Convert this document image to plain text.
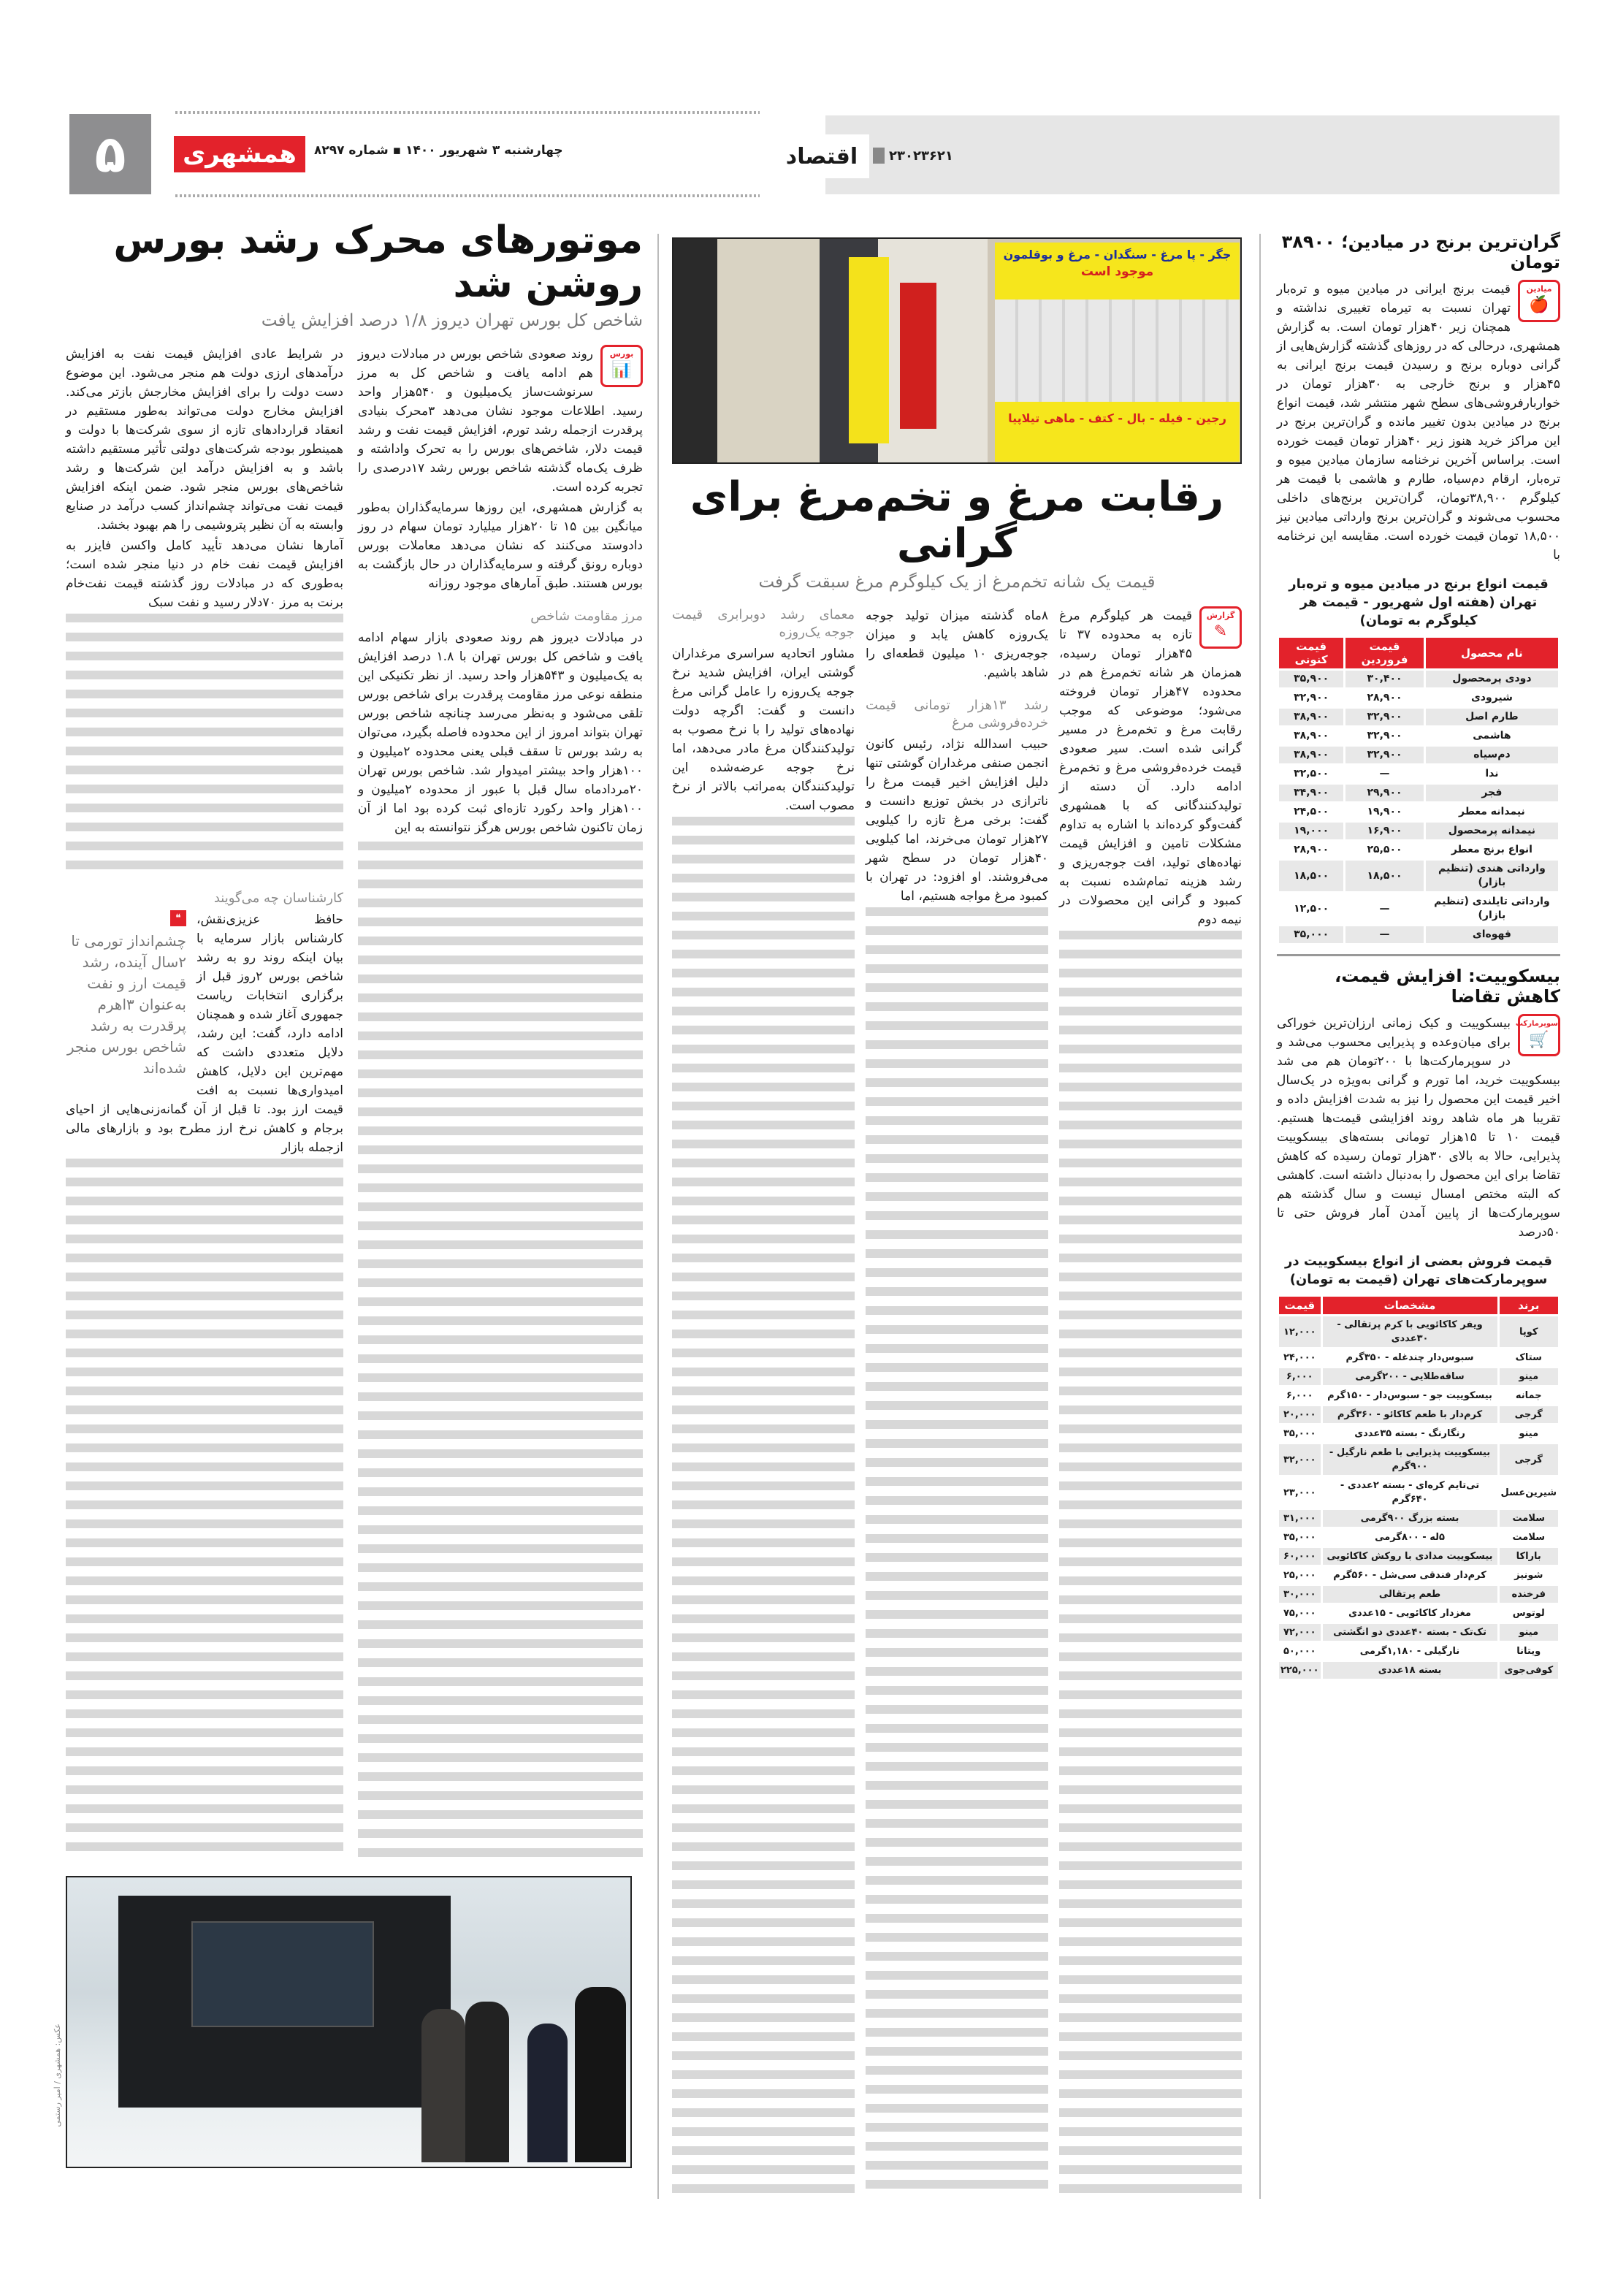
۵	همشهری	چهارشنبه ۳ شهریور ۱۴۰۰ ▪ شماره ۸۲۹۷	اقتصاد	۲۳۰۲۳۶۲۱
موتورهای محرک رشد بورس روشن شد
شاخص کل بورس تهران دیروز ۱/۸ درصد افزایش یافت
بورس
📊

روند صعودی شاخص بورس در مبادلات دیروز هم ادامه یافت و شاخص کل به مرز سرنوشت‌ساز یک‌میلیون و ۵۴۰هزار واحد رسید. اطلاعات موجود نشان می‌دهد ۳محرک بنیادی پرقدرت ازجمله رشد تورم، افزایش قیمت نفت و رشد قیمت دلار، شاخص‌های بورس را به تحرک واداشته و ظرف یک‌ماه گذشته شاخص بورس رشد ۱۷درصدی را تجربه کرده است.

به گزارش همشهری، این روزها سرمایه‌گذاران به‌طور میانگین بین ۱۵ تا ۲۰هزار میلیارد تومان سهام در روز دادوستد می‌کنند که نشان می‌دهد معاملات بورس دوباره رونق گرفته و سرمایه‌گذاران در حال بازگشت به بورس هستند. طبق آمارهای موجود روزانه

مرز مقاومت شاخص

در مبادلات دیروز هم روند صعودی بازار سهام ادامه یافت و شاخص کل بورس تهران با ۱.۸ درصد افزایش به یک‌میلیون و ۵۴۳هزار واحد رسید. از نظر تکنیکی این منطقه نوعی مرز مقاومت پرقدرت برای شاخص بورس تلقی می‌شود و به‌نظر می‌رسد چنانچه شاخص بورس تهران بتواند امروز از این محدوده فاصله بگیرد، می‌توان به رشد بورس تا سقف قبلی یعنی محدوده ۲میلیون و ۱۰۰هزار واحد بیشتر امیدوار شد. شاخص بورس تهران ۲۰مردادماه سال قبل با عبور از محدوده ۲میلیون و ۱۰۰هزار واحد رکورد تازه‌ای ثبت کرده بود اما از آن زمان تاکنون شاخص بورس هرگز نتوانسته به این

در شرایط عادی افزایش قیمت نفت به افزایش درآمدهای ارزی دولت هم منجر می‌شود. این موضوع دست دولت را برای افزایش مخارجش بازتر می‌کند. افزایش مخارج دولت می‌تواند به‌طور مستقیم در انعقاد قراردادهای تازه از سوی شرکت‌ها با دولت و همینطور بودجه شرکت‌های دولتی تأثیر مستقیم داشته باشد و به افزایش درآمد این شرکت‌ها و رشد شاخص‌های بورس منجر شود. ضمن اینکه افزایش قیمت نفت می‌تواند چشم‌انداز کسب درآمد در صنایع وابسته به آن نظیر پتروشیمی را هم بهبود بخشد.

آمارها نشان می‌دهد تأیید کامل واکسن فایزر به افزایش قیمت نفت خام در دنیا منجر شده است؛ به‌طوری که در مبادلات روز گذشته قیمت نفت‌خام برنت به مرز ۷۰دلار رسید و نفت سبک

کارشناسان چه می‌گویند
❝
چشم‌انداز تورمی تا ۲سال آینده، رشد قیمت ارز و نفت به‌عنوان ۳اهرم پرقدرت به رشد شاخص بورس منجر شده‌اند

حافظ عزیزی‌نقش، کارشناس بازار سرمایه با بیان اینکه روند رو به رشد شاخص بورس ۲روز قبل از برگزاری انتخابات ریاست جمهوری آغاز شده و همچنان ادامه دارد، گفت: این رشد، دلایل متعددی داشت که مهم‌ترین این دلایل، کاهش امیدواری‌ها نسبت به افت قیمت ارز بود. تا قبل از آن گمانه‌زنی‌هایی از احیای برجام و کاهش نرخ ارز مطرح بود و بازارهای مالی ازجمله بازار

عکس: همشهری / امیر رستمی
جگر - پا مرغ - سنگدان - مرغ و بوقلمون
موجود است
رجین - فیله - بال - کتف - ماهی تیلاپیا
رقابت مرغ و تخم‌مرغ برای گرانی
قیمت یک شانه تخم‌مرغ از یک کیلوگرم مرغ سبقت گرفت
گزارش
✎

قیمت هر کیلوگرم مرغ تازه به محدوده ۳۷ تا ۴۵هزار تومان رسیده، همزمان هر شانه تخم‌مرغ هم در محدوده ۴۷هزار تومان فروخته می‌شود؛ موضوعی که موجب رقابت مرغ و تخم‌مرغ در مسیر گرانی شده است. سیر صعودی قیمت خرده‌فروشی مرغ و تخم‌مرغ ادامه دارد. آن دسته از تولیدکنندگانی که با همشهری گفت‌وگو کرده‌اند با اشاره به تداوم مشکلات تامین و افزایش قیمت نهاده‌های تولید، افت جوجه‌ریزی و رشد هزینه تمام‌شده نسبت به کمبود و گرانی این محصولات در نیمه دوم

۸ماه گذشته میزان تولید جوجه یک‌روزه کاهش یابد و میزان جوجه‌ریزی ۱۰ میلیون قطعه‌ای را شاهد باشیم.

رشد ۱۳هزار تومانی قیمت خرده‌فروشی مرغ

حبیب اسدالله نژاد، رئیس کانون انجمن صنفی مرغداران گوشتی تنها دلیل افزایش اخیر قیمت مرغ را ناترازی در بخش توزیع دانست و گفت: برخی مرغ تازه را کیلویی ۲۷هزار تومان می‌خرند، اما کیلویی ۴۰هزار تومان در سطح شهر می‌فروشند. او افزود: در تهران با کمبود مرغ مواجه هستیم، اما

معمای رشد دوبرابری قیمت جوجه یک‌روزه

مشاور اتحادیه سراسری مرغداران گوشتی ایران، افزایش شدید نرخ جوجه یک‌روزه را عامل گرانی مرغ دانست و گفت: اگرچه دولت نهاده‌های تولید را با نرخ مصوب به تولیدکنندگان مرغ مادر می‌دهد، اما نرخ جوجه عرضه‌شده این تولیدکنندگان به‌مراتب بالاتر از نرخ مصوب است.

گران‌ترین برنج در میادین؛ ۳۸۹۰۰ تومان
میادین
🍎

قیمت برنج ایرانی در میادین میوه و تره‌بار تهران نسبت به تیرماه تغییری نداشته و همچنان زیر ۴۰هزار تومان است. به گزارش همشهری، درحالی که در روزهای گذشته گزارش‌هایی از گرانی دوباره برنج و رسیدن قیمت برنج ایرانی به ۴۵هزار و برنج خارجی به ۳۰هزار تومان در خواربارفروشی‌های سطح شهر منتشر شد، قیمت انواع برنج در میادین بدون تغییر مانده و گران‌ترین برنج در این مراکز خرید هنوز زیر ۴۰هزار تومان قیمت خورده است. براساس آخرین نرخنامه سازمان میادین میوه و تره‌بار، ارقام دم‌سیاه، طارم و هاشمی با قیمت هر کیلوگرم ۳۸,۹۰۰تومان، گران‌ترین برنج‌های داخلی محسوب می‌شوند و گران‌ترین برنج وارداتی میادین نیز ۱۸,۵۰۰ تومان قیمت خورده است. مقایسه این نرخنامه با

قیمت انواع برنج در میادین میوه و تره‌بار تهران (هفته اول شهریور - قیمت هر کیلوگرم به تومان)
نام محصول	قیمت فروردین	قیمت کنونی
دودی پرمحصول	۳۰,۴۰۰	۳۵,۹۰۰
شیرودی	۲۸,۹۰۰	۳۲,۹۰۰
طارم اصل	۳۲,۹۰۰	۳۸,۹۰۰
هاشمی	۳۲,۹۰۰	۳۸,۹۰۰
دم‌سیاه	۳۲,۹۰۰	۳۸,۹۰۰
ندا	—	۳۲,۵۰۰
فجر	۲۹,۹۰۰	۳۴,۹۰۰
نیمدانه معطر	۱۹,۹۰۰	۲۴,۵۰۰
نیمدانه پرمحصول	۱۶,۹۰۰	۱۹,۰۰۰
انواع برنج معطر	۲۵,۵۰۰	۲۸,۹۰۰
وارداتی هندی (تنظیم بازار)	۱۸,۵۰۰	۱۸,۵۰۰
وارداتی تایلندی (تنظیم بازار)	—	۱۲,۵۰۰
قهوه‌ای	—	۳۵,۰۰۰
بیسکوییت: افزایش قیمت، کاهش تقاضا
سوپرمارکت
🛒

بیسکوییت و کیک زمانی ارزان‌ترین خوراکی برای میان‌وعده و پذیرایی محسوب می‌شد و در سوپرمارکت‌ها با ۲۰۰تومان هم می شد بیسکوییت خرید، اما تورم و گرانی به‌ویژه در یک‌سال اخیر قیمت این محصول را نیز به شدت افزایش داده و تقریبا هر ماه شاهد روند افزایشی قیمت‌ها هستیم. قیمت ۱۰ تا ۱۵هزار تومانی بسته‌های بیسکوییت پذیرایی، حالا به بالای ۳۰هزار تومان رسیده که کاهش تقاضا برای این محصول را به‌دنبال داشته است. کاهشی که البته مختص امسال نیست و سال گذشته هم سوپرمارکت‌ها از پایین آمدن آمار فروش حتی تا ۵۰درصد

قیمت فروش بعضی از انواع بیسکوییت در سوپرمارکت‌های تهران (قیمت به تومان)
برند	مشخصات	قیمت
کوپا	ویفر کاکائویی با کرم پرتقالی - ۳۰عددی	۱۲,۰۰۰
ستاک	سبوس‌دار چندغله - ۳۵۰گرم	۲۴,۰۰۰
مینو	ساقه‌طلایی - ۲۰۰گرمی	۶,۰۰۰
جمانه	بیسکوییت جو - سبوس‌دار - ۱۵۰گرم	۶,۰۰۰
گرجی	کرم‌دار با طعم کاکائو - ۳۶۰گرم	۲۰,۰۰۰
مینو	رنگارنگ - بسته ۳۵عددی	۳۵,۰۰۰
گرجی	بیسکوییت پذیرایی با طعم نارگیل - ۹۰۰گرم	۳۲,۰۰۰
شیرین‌عسل	تی‌تایم کره‌ای - بسته ۲عددی - ۶۴۰گرم	۲۳,۰۰۰
سلامت	بسته بزرگ ۹۰۰گرمی	۳۱,۰۰۰
سلامت	۵له - ۸۰۰گرمی	۳۵,۰۰۰
باراکا	بیسکوییت مدادی با روکش کاکائویی	۶۰,۰۰۰
شونیز	کرم‌دار فندقی سی‌شل - ۵۶۰گرم	۲۵,۰۰۰
فرخنده	طعم پرتقالی	۳۰,۰۰۰
لوتوس	مغزدار کاکائویی - ۱۵عددی	۷۵,۰۰۰
مینو	تک‌تک - بسته ۴۰عددی دو انگشتی	۷۲,۰۰۰
ویتانا	نارگیلی - ۱,۱۸۰گرمی	۵۰,۰۰۰
کوفی‌جوی	بسته ۱۸عددی	۲۲۵,۰۰۰
